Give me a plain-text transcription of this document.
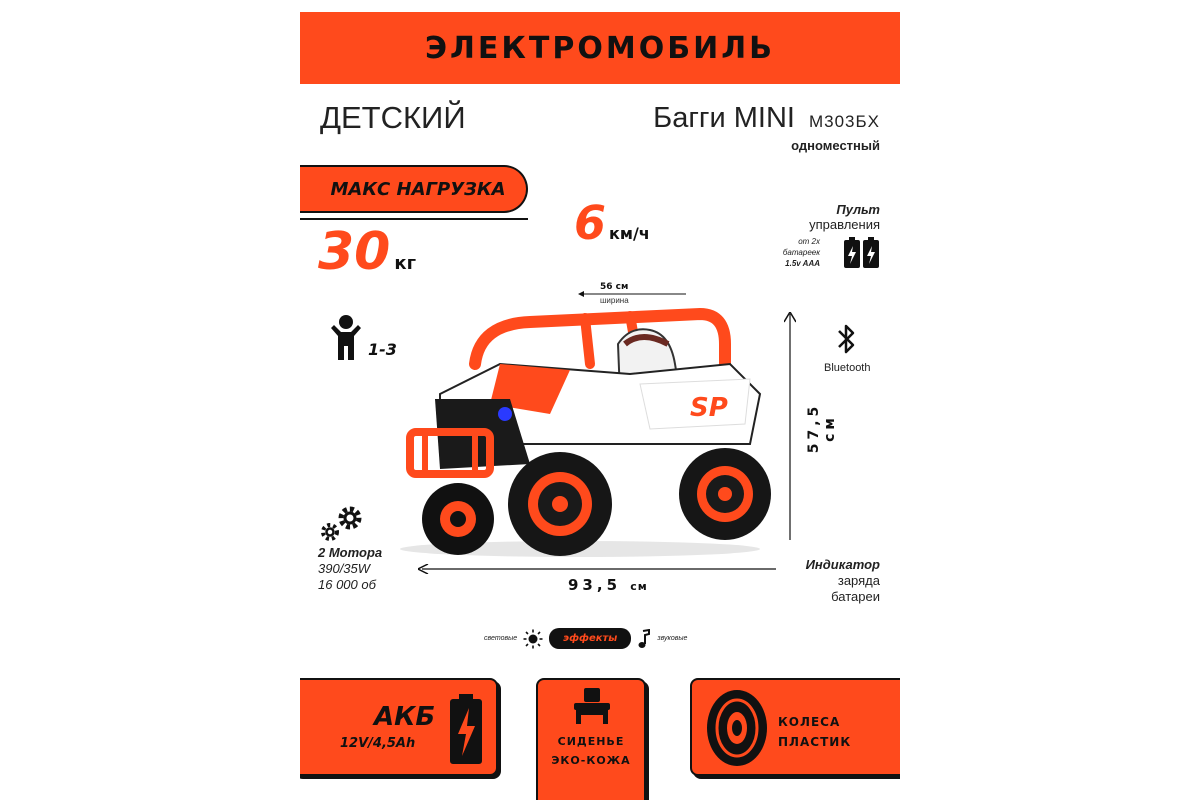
ЭЛЕКТРОМОБИЛЬ
ДЕТСКИЙ	Багги MINI M303БX
одноместный
МАКС НАГРУЗКА
30 кг
6 км/ч
Пульт
управления
от 2х
батареек
1.5v AAA
1-3
56 см
ширина
57,5 см
Bluetooth
SP
93,5 см
2 Мотора
390/35W
16 000 об
Индикатор
заряда
батареи
световые	эффекты	звуковые
АКБ
12V/4,5Ah	СИДЕНЬЕ
ЭКО-КОЖА
КОЛЕСА
ПЛАСТИК
